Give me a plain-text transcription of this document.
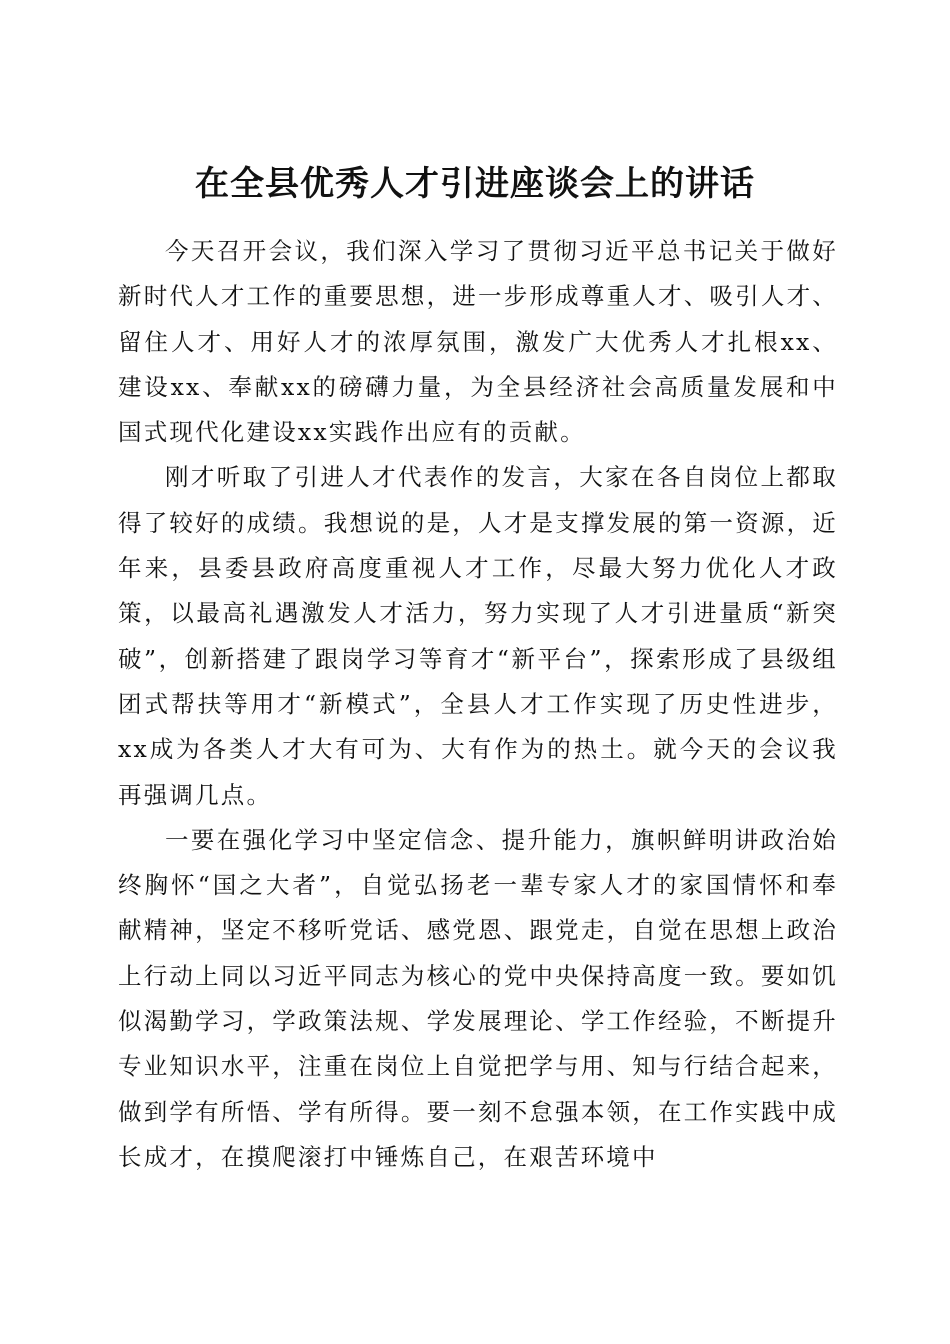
在全县优秀人才引进座谈会上的讲话

今天召开会议，我们深入学习了贯彻习近平总书记关于做好新时代人才工作的重要思想，进一步形成尊重人才、吸引人才、留住人才、用好人才的浓厚氛围，激发广大优秀人才扎根xx、建设xx、奉献xx的磅礴力量，为全县经济社会高质量发展和中国式现代化建设xx实践作出应有的贡献。

刚才听取了引进人才代表作的发言，大家在各自岗位上都取得了较好的成绩。我想说的是，人才是支撑发展的第一资源，近年来，县委县政府高度重视人才工作，尽最大努力优化人才政策，以最高礼遇激发人才活力，努力实现了人才引进量质“新突破”，创新搭建了跟岗学习等育才“新平台”，探索形成了县级组团式帮扶等用才“新模式”，全县人才工作实现了历史性进步，xx成为各类人才大有可为、大有作为的热土。就今天的会议我再强调几点。

一要在强化学习中坚定信念、提升能力，旗帜鲜明讲政治始终胸怀“国之大者”，自觉弘扬老一辈专家人才的家国情怀和奉献精神，坚定不移听党话、感党恩、跟党走，自觉在思想上政治上行动上同以习近平同志为核心的党中央保持高度一致。要如饥似渴勤学习，学政策法规、学发展理论、学工作经验，不断提升专业知识水平，注重在岗位上自觉把学与用、知与行结合起来，做到学有所悟、学有所得。要一刻不怠强本领，在工作实践中成长成才，在摸爬滚打中锤炼自己，在艰苦环境中
